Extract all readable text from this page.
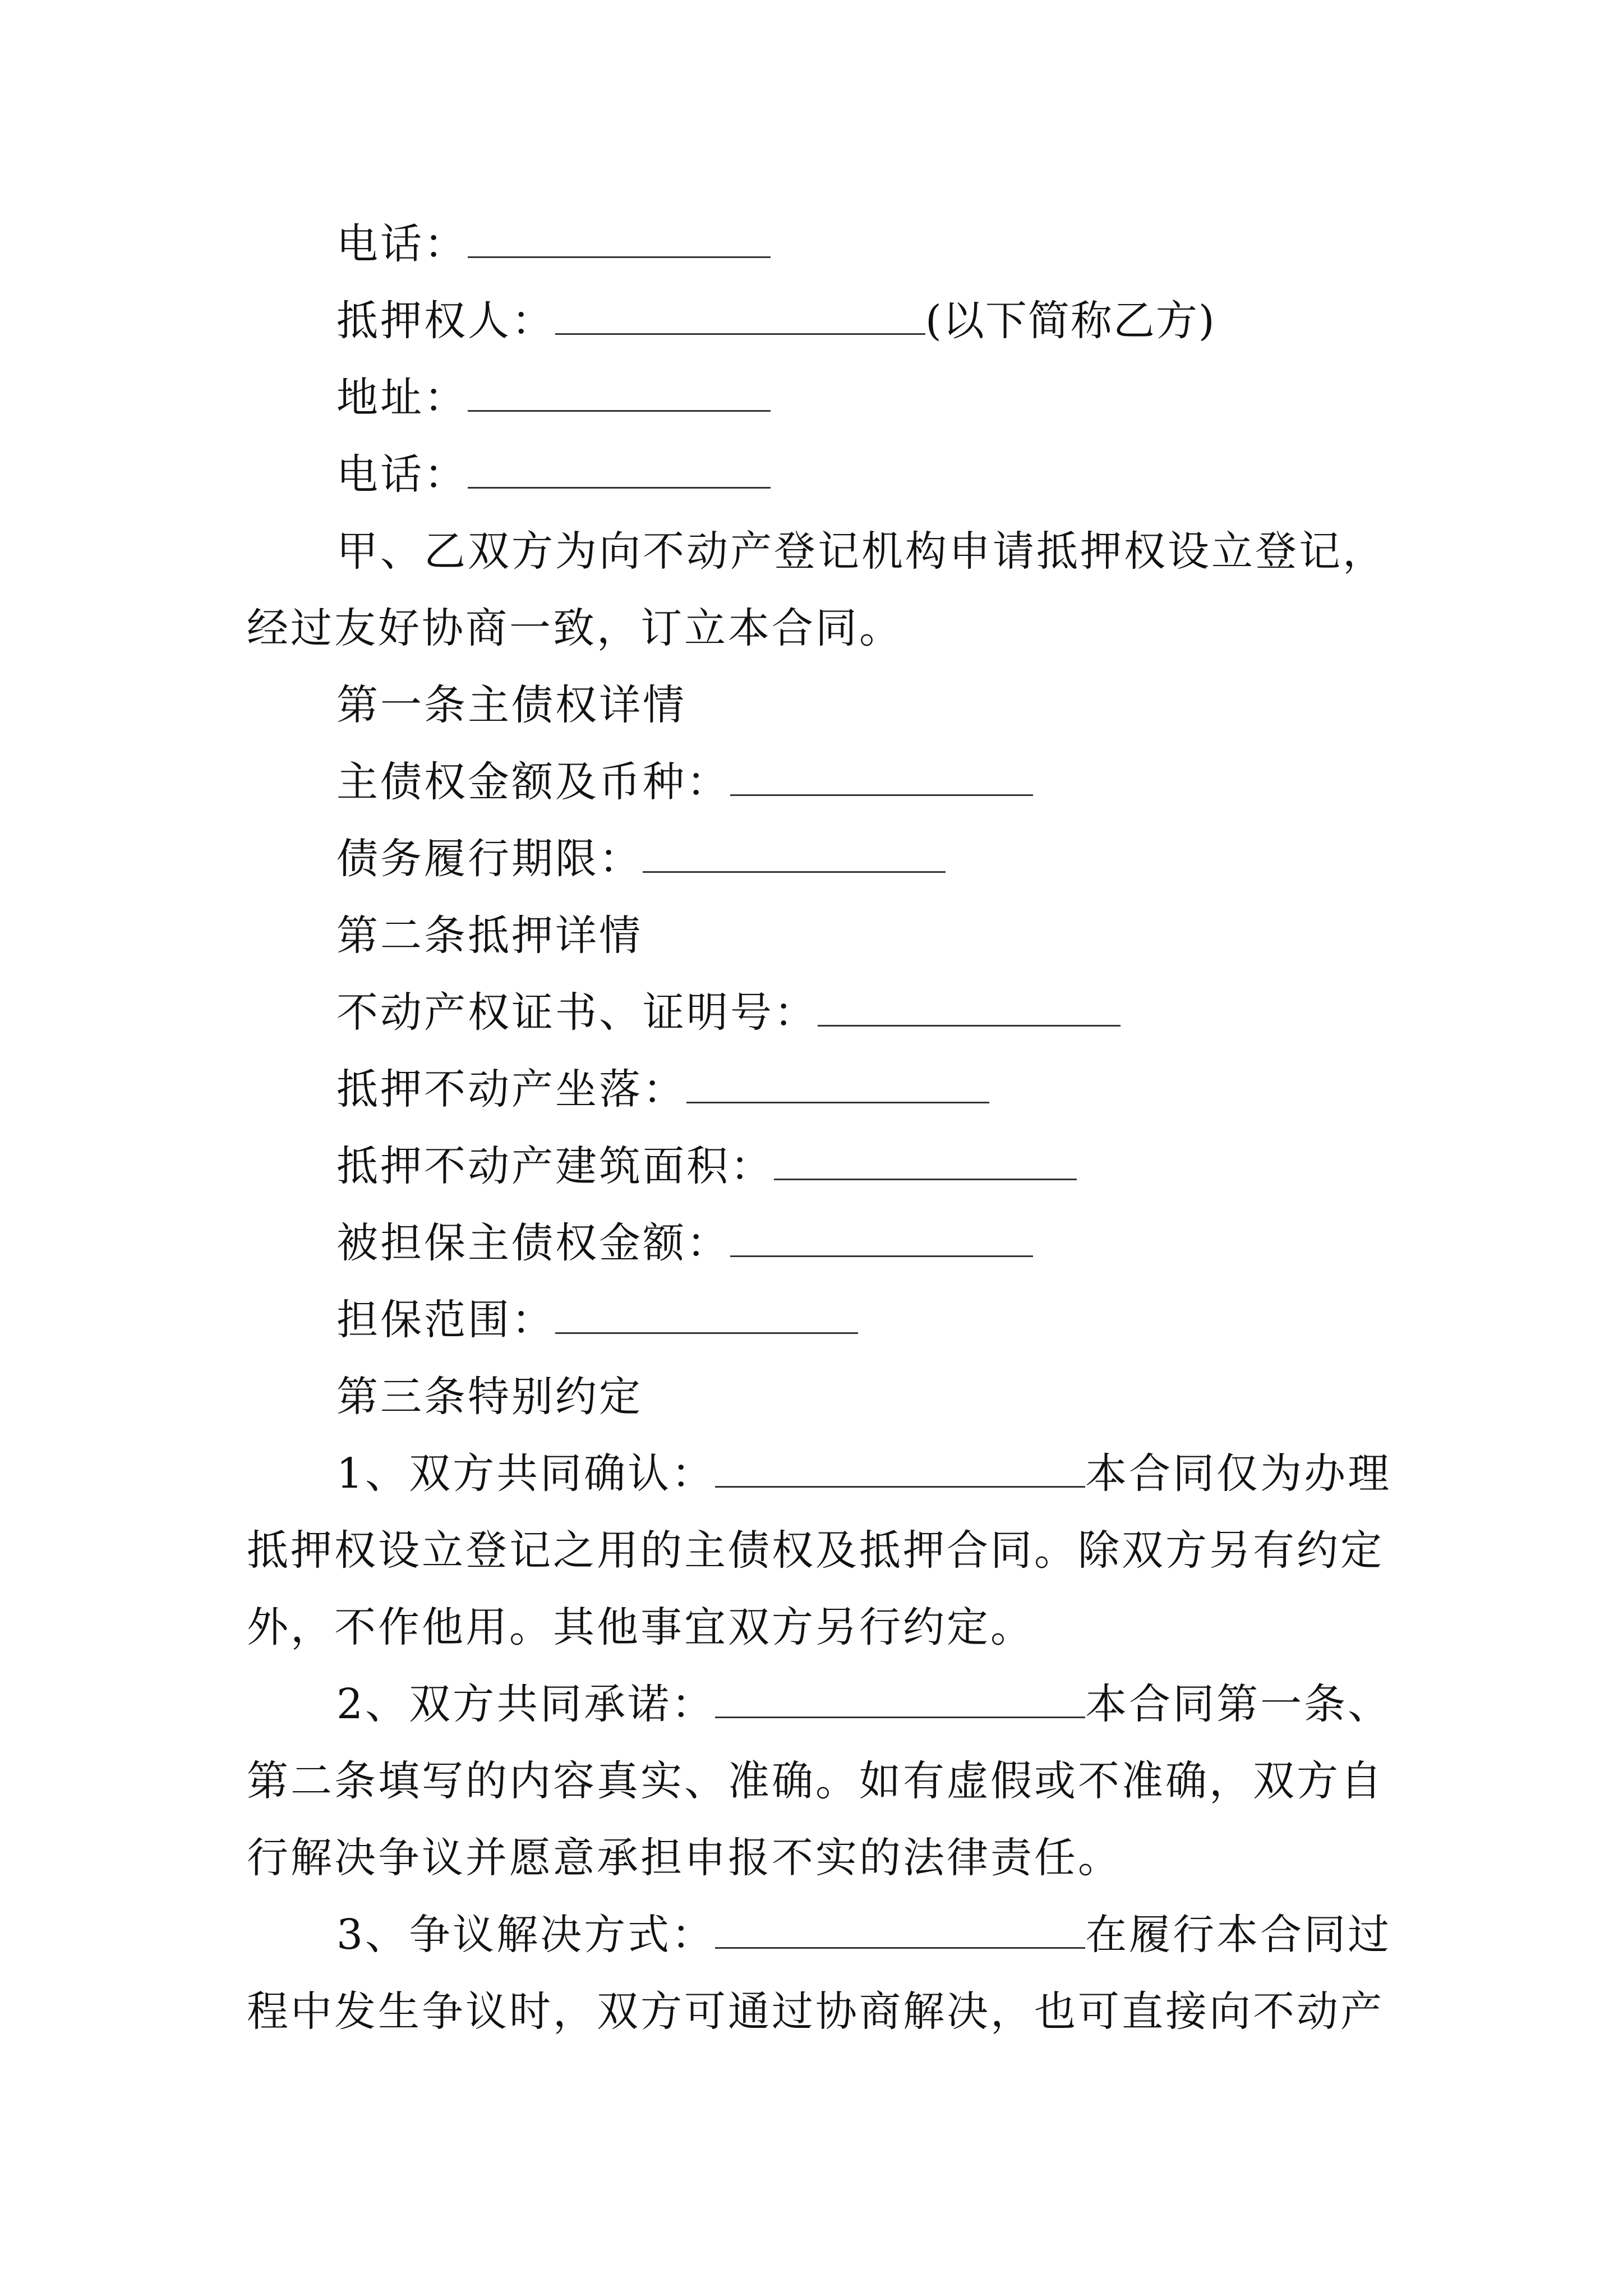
电话：
抵押权人：	(以下简称乙方)
地址：
电话：
甲、乙双方为向不动产登记机构申请抵押权设立登记，
经过友好协商一致，订立本合同。
第一条主债权详情
主债权金额及币种：
债务履行期限：
第二条抵押详情
不动产权证书、证明号：
抵押不动产坐落：
抵押不动产建筑面积：
被担保主债权金额：
担保范围：
第三条特别约定
1、双方共同确认：	本合同仅为办理
抵押权设立登记之用的主债权及抵押合同。除双方另有约定
外，不作他用。其他事宜双方另行约定。
2、双方共同承诺：	本合同第一条、
第二条填写的内容真实、准确。如有虚假或不准确，双方自
行解决争议并愿意承担申报不实的法律责任。
3、争议解决方式：	在履行本合同过
程中发生争议时，双方可通过协商解决，也可直接向不动产
